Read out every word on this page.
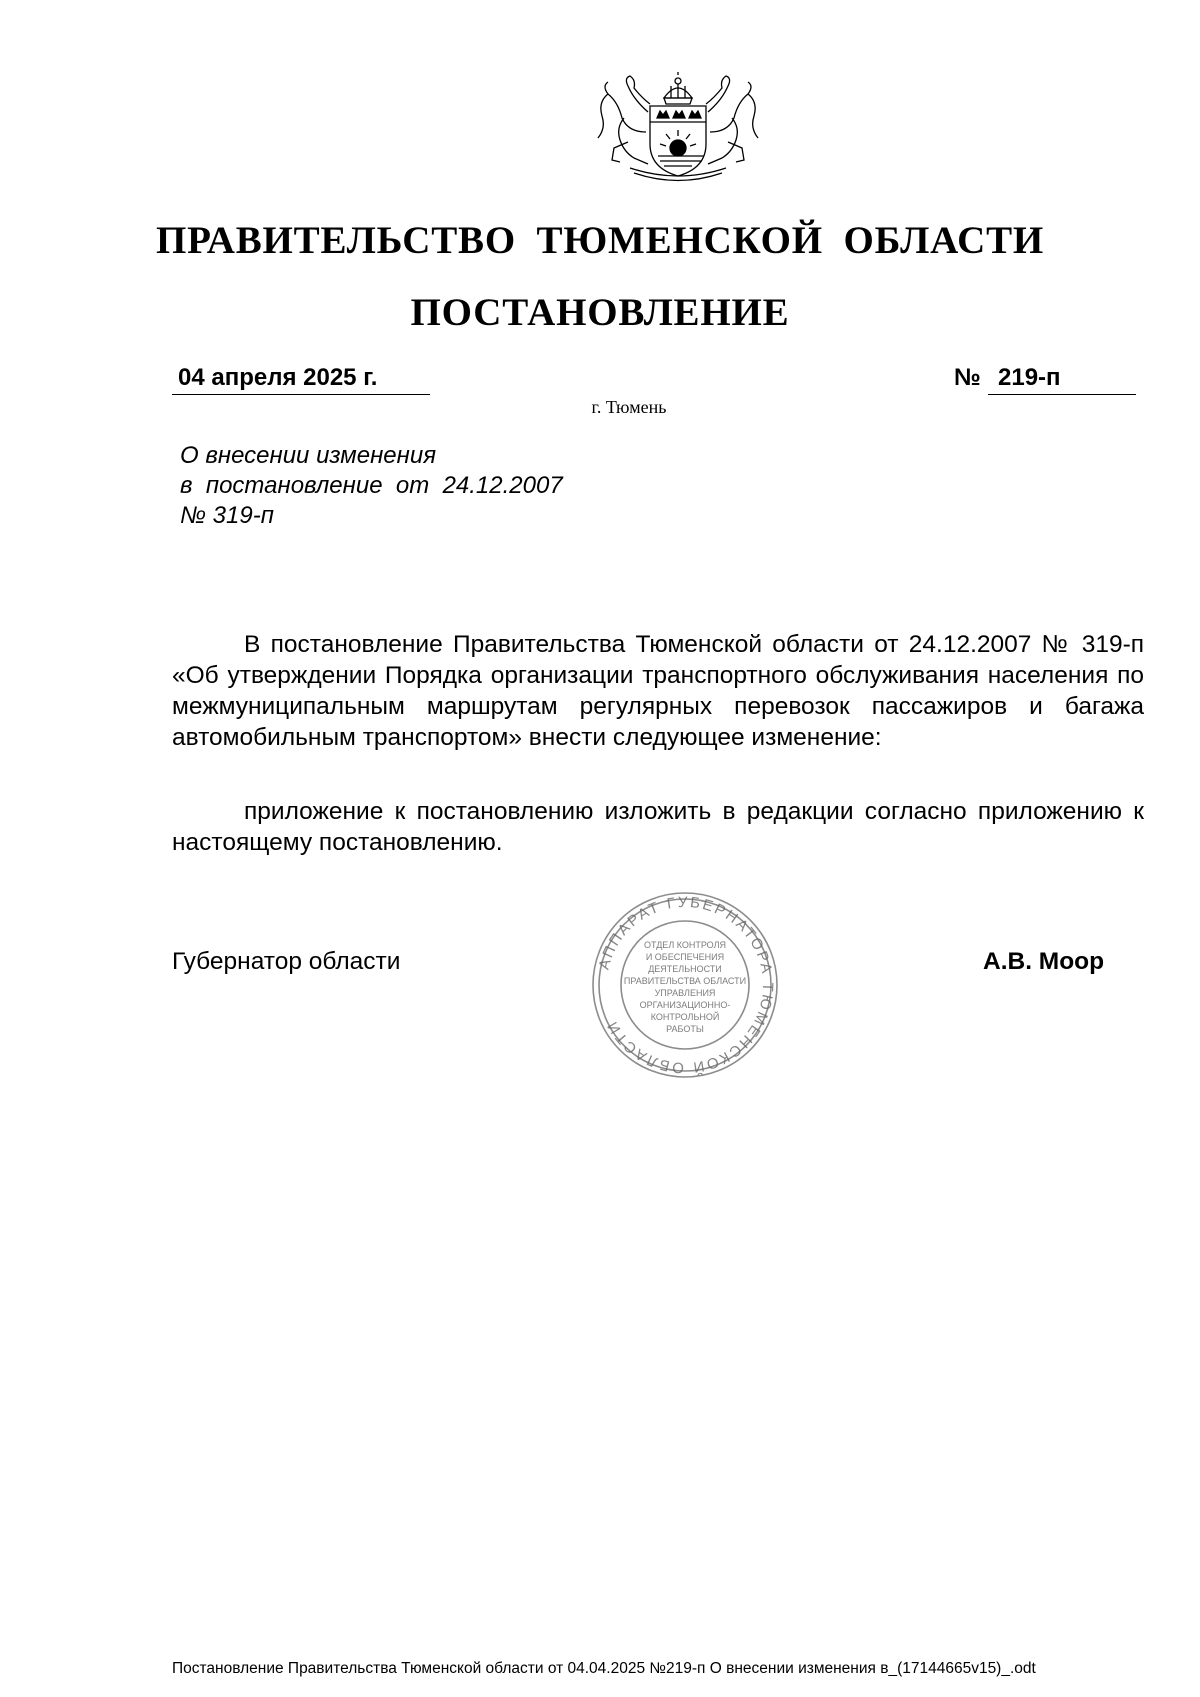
ПРАВИТЕЛЬСТВО ТЮМЕНСКОЙ ОБЛАСТИ
ПОСТАНОВЛЕНИЕ
04 апреля 2025 г.	№ 219-п
г. Тюмень
О внесении изменения
в  постановление  от  24.12.2007
№ 319-п
В постановление Правительства Тюменской области от 24.12.2007 № 319-п «Об утверждении Порядка организации транспортного обслуживания населения по межмуниципальным маршрутам регулярных перевозок пассажиров и багажа автомобильным транспортом» внести следующее изменение:
приложение к постановлению изложить в редакции согласно приложению к настоящему постановлению.
Губернатор области	А.В. Моор
АППАРАТ ГУБЕРНАТОРА ТЮМЕНСКОЙ ОБЛАСТИ
ОТДЕЛ КОНТРОЛЯ
И ОБЕСПЕЧЕНИЯ
ДЕЯТЕЛЬНОСТИ
ПРАВИТЕЛЬСТВА ОБЛАСТИ
УПРАВЛЕНИЯ
ОРГАНИЗАЦИОННО-
КОНТРОЛЬНОЙ
РАБОТЫ
Постановление Правительства Тюменской области от 04.04.2025 №219-п О внесении изменения в_(17144665v15)_.odt
